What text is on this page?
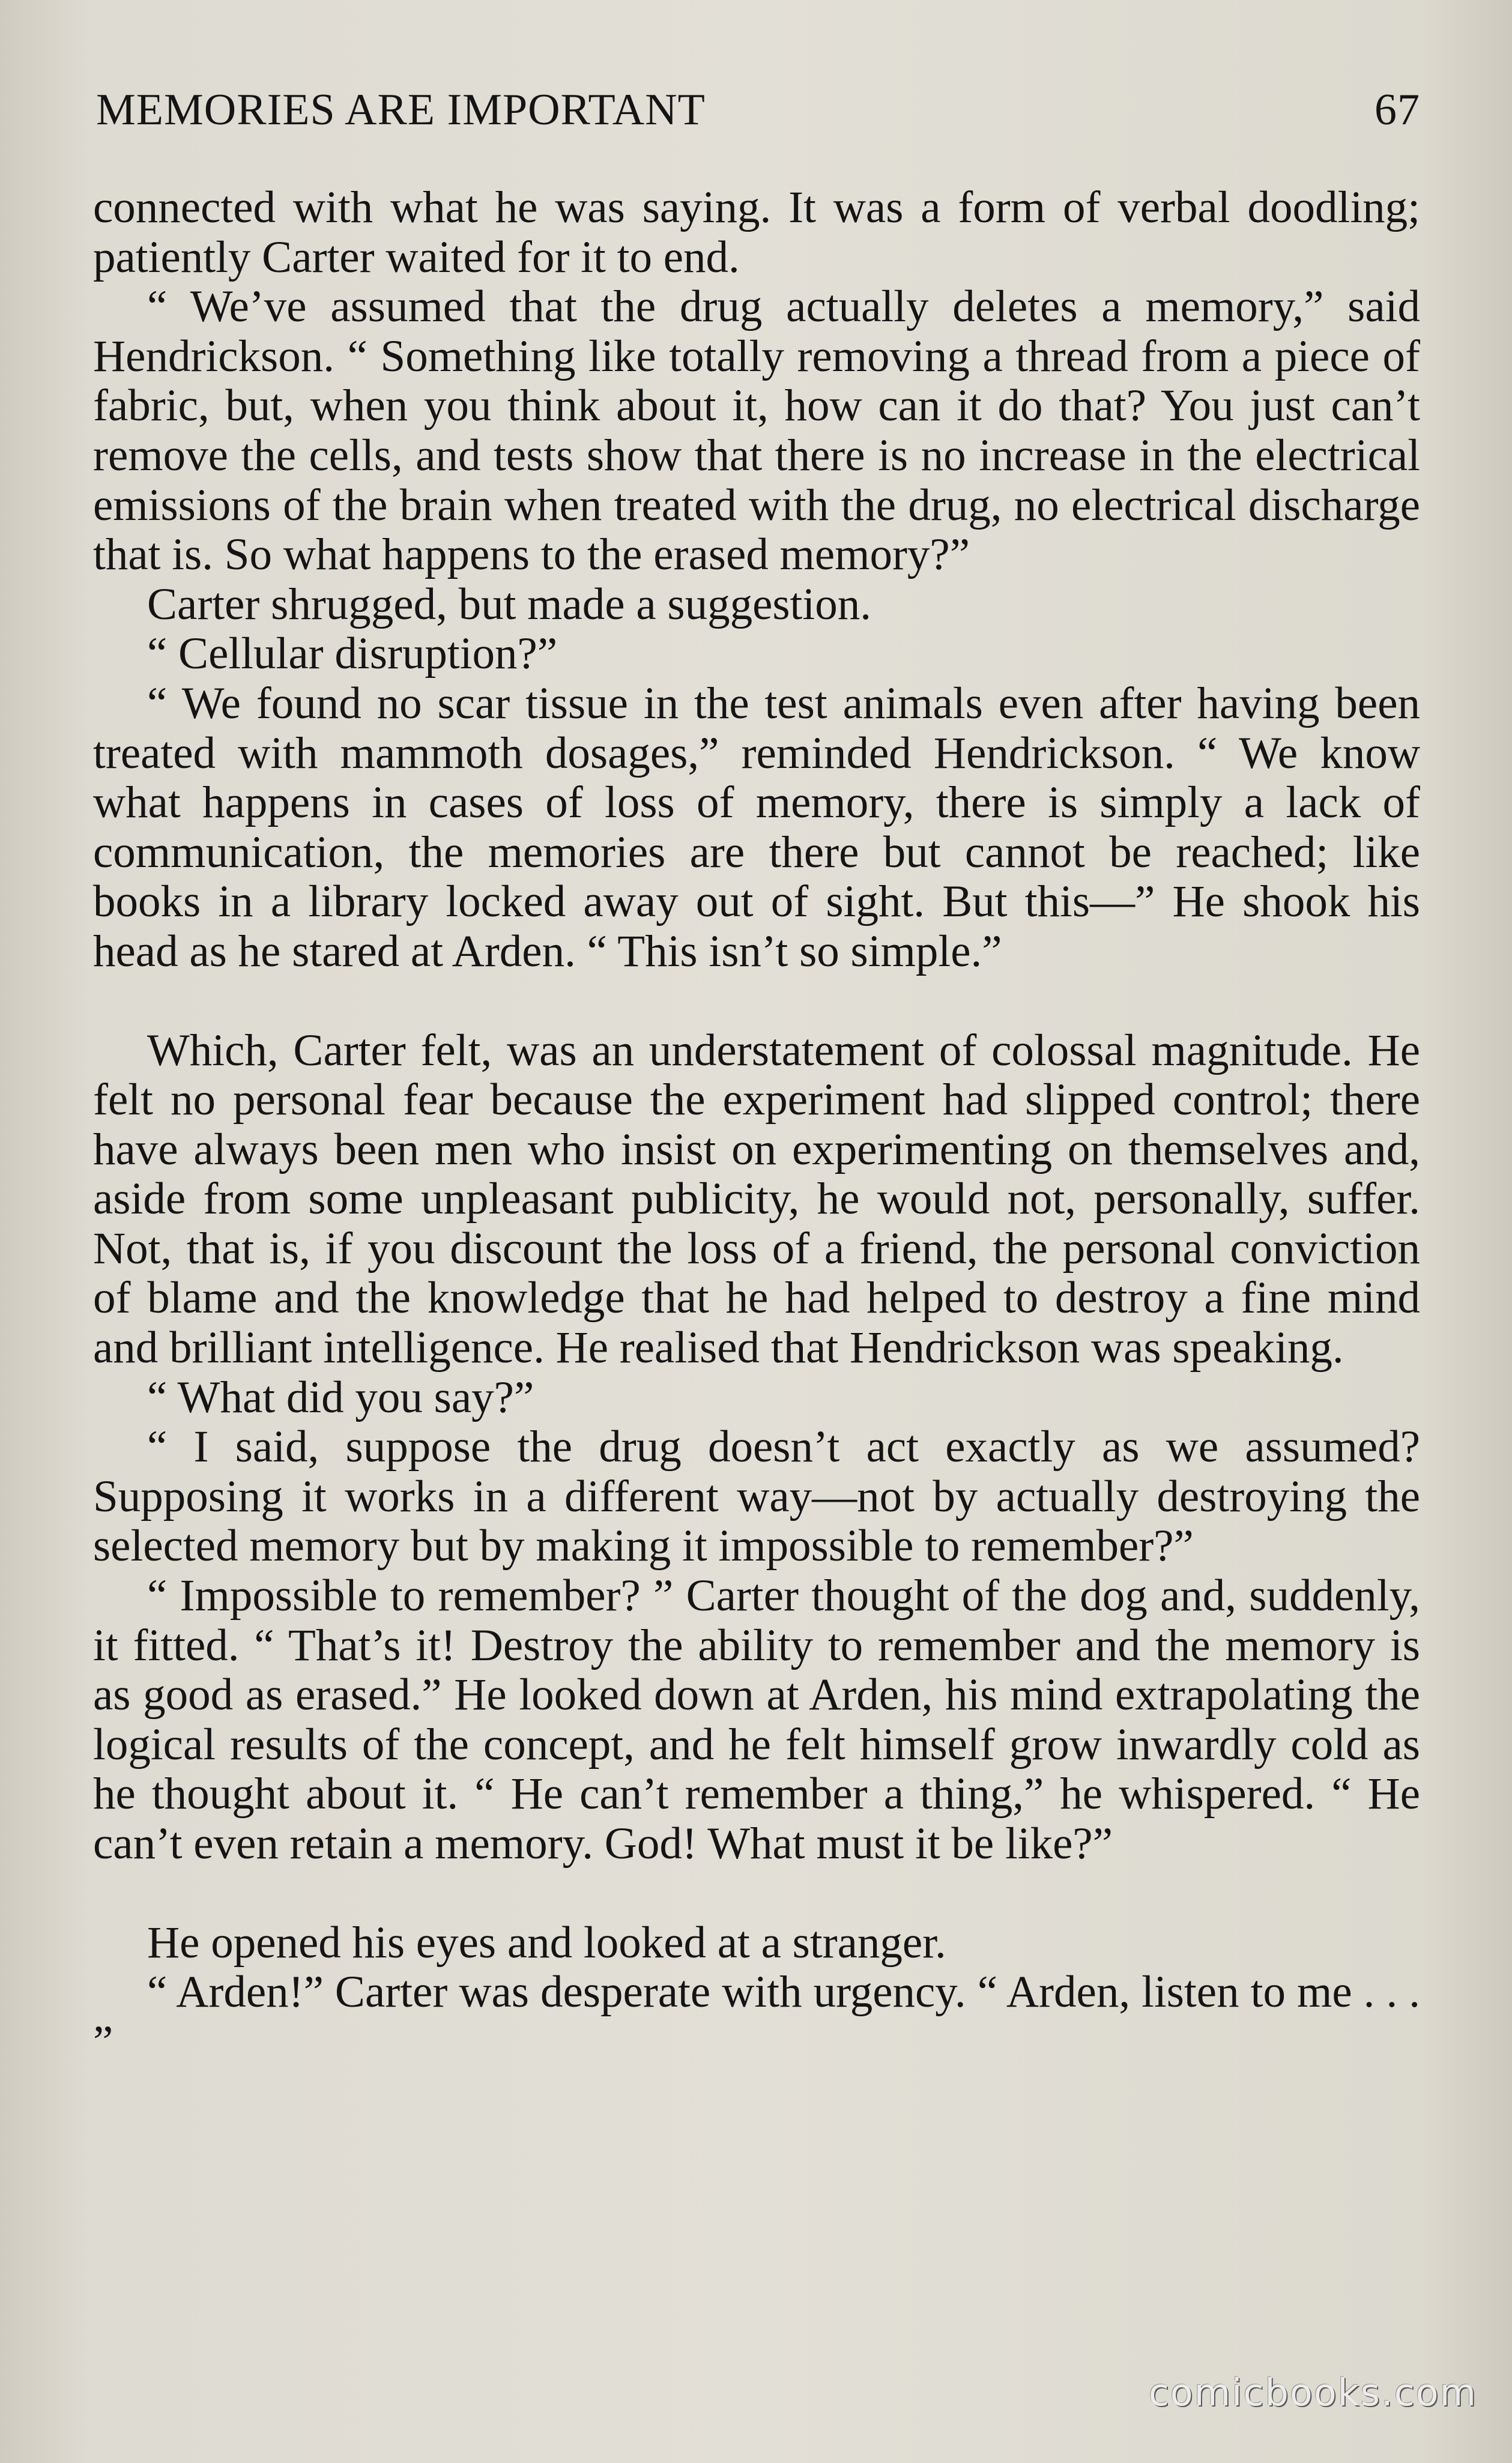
MEMORIES ARE IMPORTANT	67

connected with what he was saying. It was a form of verbal doodling; patiently Carter waited for it to end.

“ We’ve assumed that the drug actually deletes a memory,” said Hendrickson. “ Something like totally removing a thread from a piece of fabric, but, when you think about it, how can it do that? You just can’t remove the cells, and tests show that there is no increase in the electrical emissions of the brain when treated with the drug, no electrical discharge that is. So what happens to the erased memory?”

Carter shrugged, but made a suggestion.

“ Cellular disruption?”

“ We found no scar tissue in the test animals even after having been treated with mammoth dosages,” reminded Hendrickson. “ We know what happens in cases of loss of memory, there is simply a lack of communication, the memories are there but cannot be reached; like books in a library locked away out of sight. But this—” He shook his head as he stared at Arden. “ This isn’t so simple.”

Which, Carter felt, was an understatement of colossal magnitude. He felt no personal fear because the experiment had slipped control; there have always been men who insist on experimenting on themselves and, aside from some unpleasant publicity, he would not, personally, suffer. Not, that is, if you discount the loss of a friend, the personal conviction of blame and the knowledge that he had helped to destroy a fine mind and brilliant intelligence. He realised that Hendrickson was speaking.

“ What did you say?”

“ I said, suppose the drug doesn’t act exactly as we assumed? Supposing it works in a different way—not by actually destroying the selected memory but by making it impossible to remember?”

“ Impossible to remember? ” Carter thought of the dog and, suddenly, it fitted. “ That’s it! Destroy the ability to remember and the memory is as good as erased.” He looked down at Arden, his mind extrapolating the logical results of the concept, and he felt himself grow inwardly cold as he thought about it. “ He can’t remember a thing,” he whispered. “ He can’t even retain a memory. God! What must it be like?”

He opened his eyes and looked at a stranger.

“ Arden!” Carter was desperate with urgency. “ Arden, listen to me . . . ”

comicbooks.com
